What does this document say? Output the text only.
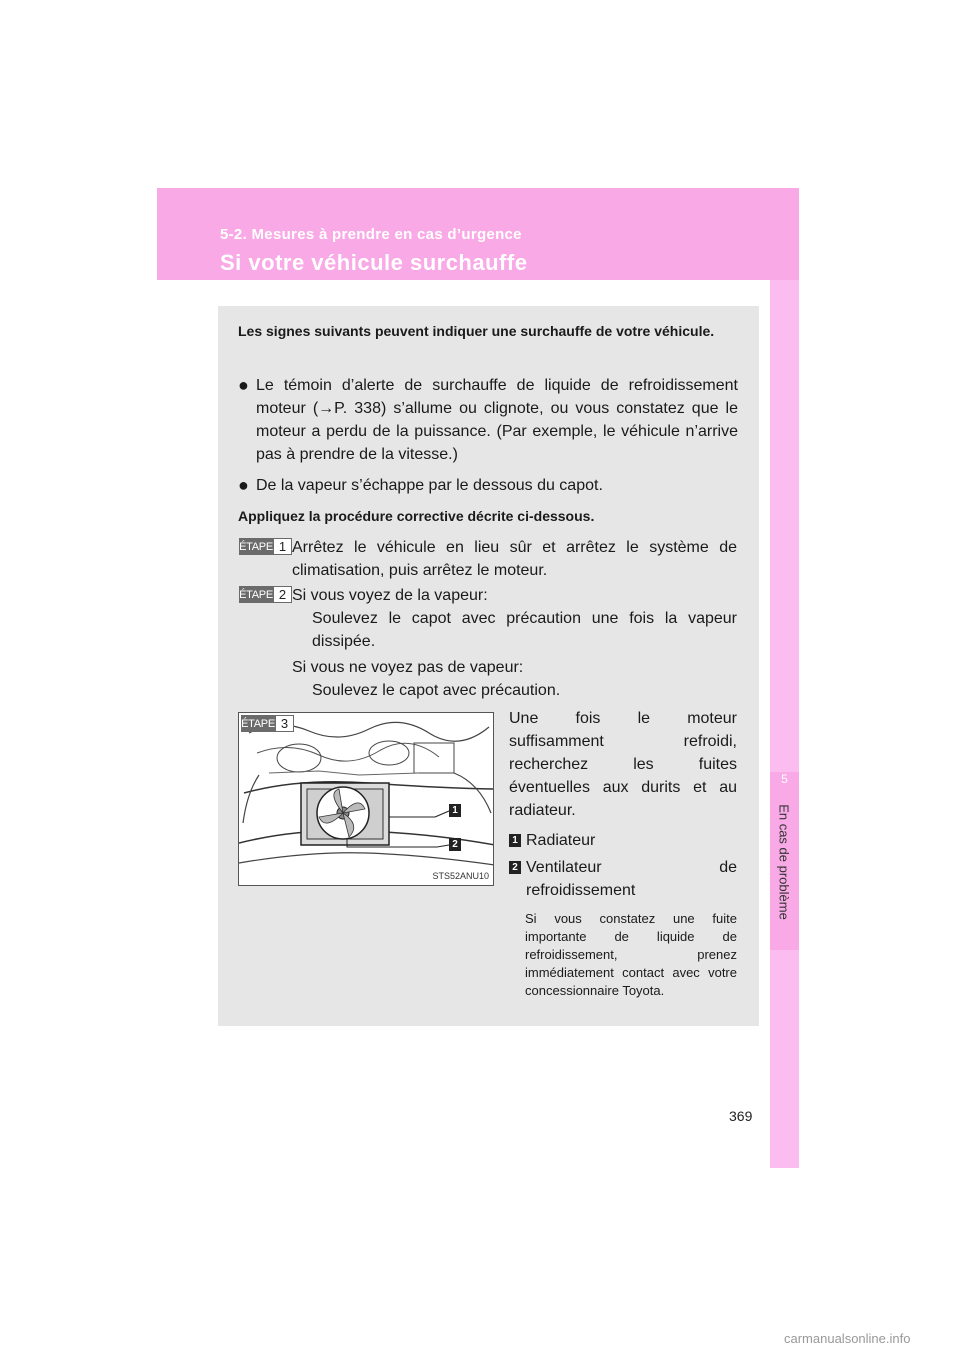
5-2. Mesures à prendre en cas d’urgence
Si votre véhicule surchauffe
5
En cas de problème
Les signes suivants peuvent indiquer une surchauffe de votre véhicule.
● Le témoin d’alerte de surchauffe de liquide de refroidissement moteur (→P. 338) s’allume ou clignote, ou vous constatez que le moteur a perdu de la puissance. (Par exemple, le véhicule n’arrive pas à prendre de la vitesse.)
● De la vapeur s’échappe par le dessous du capot.
Appliquez la procédure corrective décrite ci-dessous.
ÉTAPE 1 Arrêtez le véhicule en lieu sûr et arrêtez le système de climatisation, puis arrêtez le moteur.
ÉTAPE 2 Si vous voyez de la vapeur:
Soulevez le capot avec précaution une fois la vapeur dissipée.
Si vous ne voyez pas de vapeur:
Soulevez le capot avec précaution.
ÉTAPE 3
1
2
STS52ANU10
Une fois le moteur suffisamment refroidi, recherchez les fuites éventuelles aux durits et au radiateur.
1 Radiateur
2 Ventilateur de refroidissement
Si vous constatez une fuite importante de liquide de refroidissement, prenez immédiatement contact avec votre concessionnaire Toyota.
369
carmanualsonline.info
